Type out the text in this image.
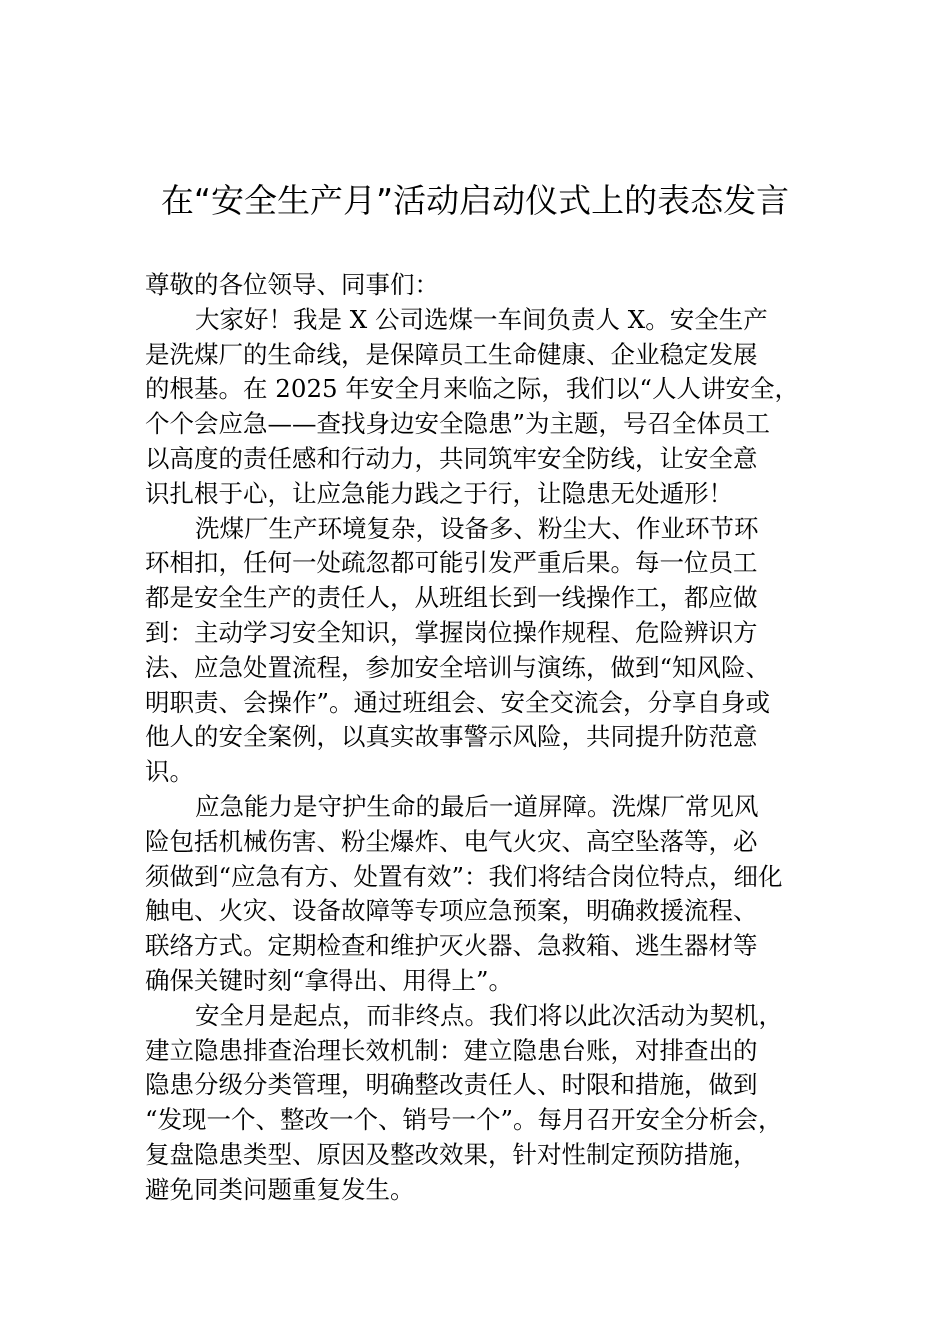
在“安全生产月”活动启动仪式上的表态发言
尊敬的各位领导、同事们：
大家好！我是 X 公司选煤一车间负责人 X。安全生产
是洗煤厂的生命线，是保障员工生命健康、企业稳定发展
的根基。在 2025 年安全月来临之际，我们以“人人讲安全，
个个会应急——查找身边安全隐患”为主题，号召全体员工
以高度的责任感和行动力，共同筑牢安全防线，让安全意
识扎根于心，让应急能力践之于行，让隐患无处遁形！
洗煤厂生产环境复杂，设备多、粉尘大、作业环节环
环相扣，任何一处疏忽都可能引发严重后果。每一位员工
都是安全生产的责任人，从班组长到一线操作工，都应做
到：主动学习安全知识，掌握岗位操作规程、危险辨识方
法、应急处置流程，参加安全培训与演练，做到“知风险、
明职责、会操作”。通过班组会、安全交流会，分享自身或
他人的安全案例，以真实故事警示风险，共同提升防范意
识。
应急能力是守护生命的最后一道屏障。洗煤厂常见风
险包括机械伤害、粉尘爆炸、电气火灾、高空坠落等，必
须做到“应急有方、处置有效”：我们将结合岗位特点，细化
触电、火灾、设备故障等专项应急预案，明确救援流程、
联络方式。定期检查和维护灭火器、急救箱、逃生器材等
确保关键时刻“拿得出、用得上”。
安全月是起点，而非终点。我们将以此次活动为契机，
建立隐患排查治理长效机制：建立隐患台账，对排查出的
隐患分级分类管理，明确整改责任人、时限和措施，做到
“发现一个、整改一个、销号一个”。每月召开安全分析会，
复盘隐患类型、原因及整改效果，针对性制定预防措施，
避免同类问题重复发生。
